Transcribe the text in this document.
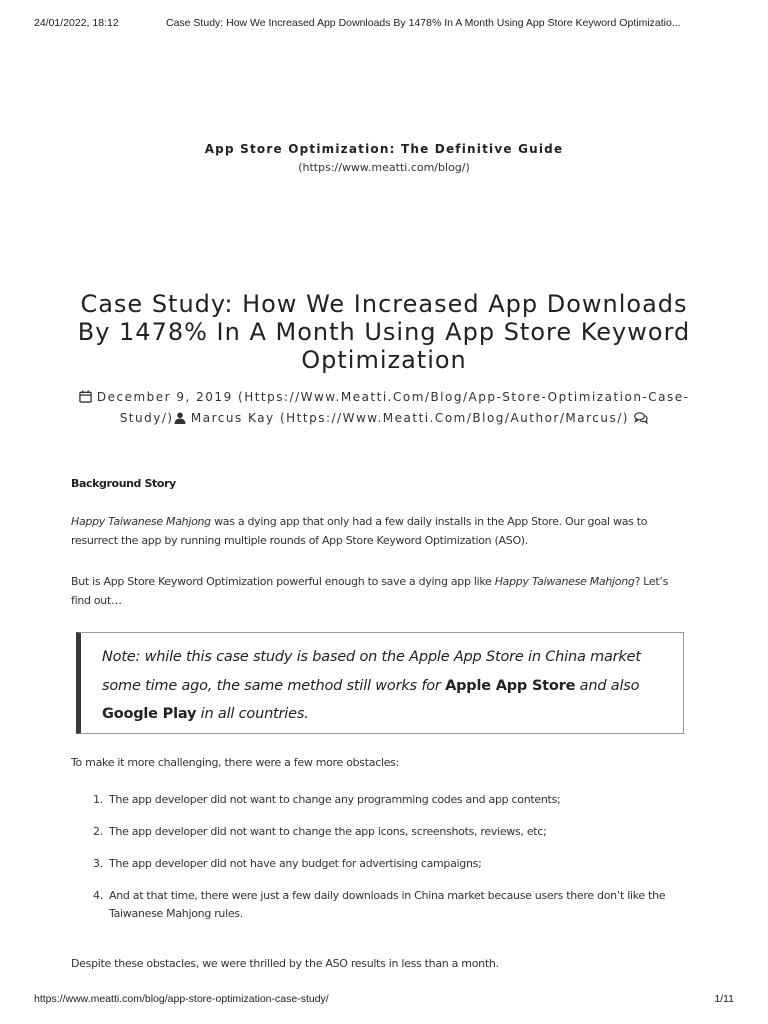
24/01/2022, 18:12	Case Study: How We Increased App Downloads By 1478% In A Month Using App Store Keyword Optimizatio...
App Store Optimization: The Definitive Guide
(https://www.meatti.com/blog/)
Case Study: How We Increased App Downloads By 1478% In A Month Using App Store Keyword Optimization
December 9, 2019 (Https://Www.Meatti.Com/Blog/App-Store-Optimization-Case-Study/) Marcus Kay (Https://Www.Meatti.Com/Blog/Author/Marcus/)
Background Story
Happy Taiwanese Mahjong was a dying app that only had a few daily installs in the App Store. Our goal was to resurrect the app by running multiple rounds of App Store Keyword Optimization (ASO).
But is App Store Keyword Optimization powerful enough to save a dying app like Happy Taiwanese Mahjong? Let’s find out…
Note: while this case study is based on the Apple App Store in China market some time ago, the same method still works for Apple App Store and also Google Play in all countries.
To make it more challenging, there were a few more obstacles:
1. The app developer did not want to change any programming codes and app contents;
2. The app developer did not want to change the app icons, screenshots, reviews, etc;
3. The app developer did not have any budget for advertising campaigns;
4. And at that time, there were just a few daily downloads in China market because users there don’t like the Taiwanese Mahjong rules.
Despite these obstacles, we were thrilled by the ASO results in less than a month.
https://www.meatti.com/blog/app-store-optimization-case-study/	1/11
